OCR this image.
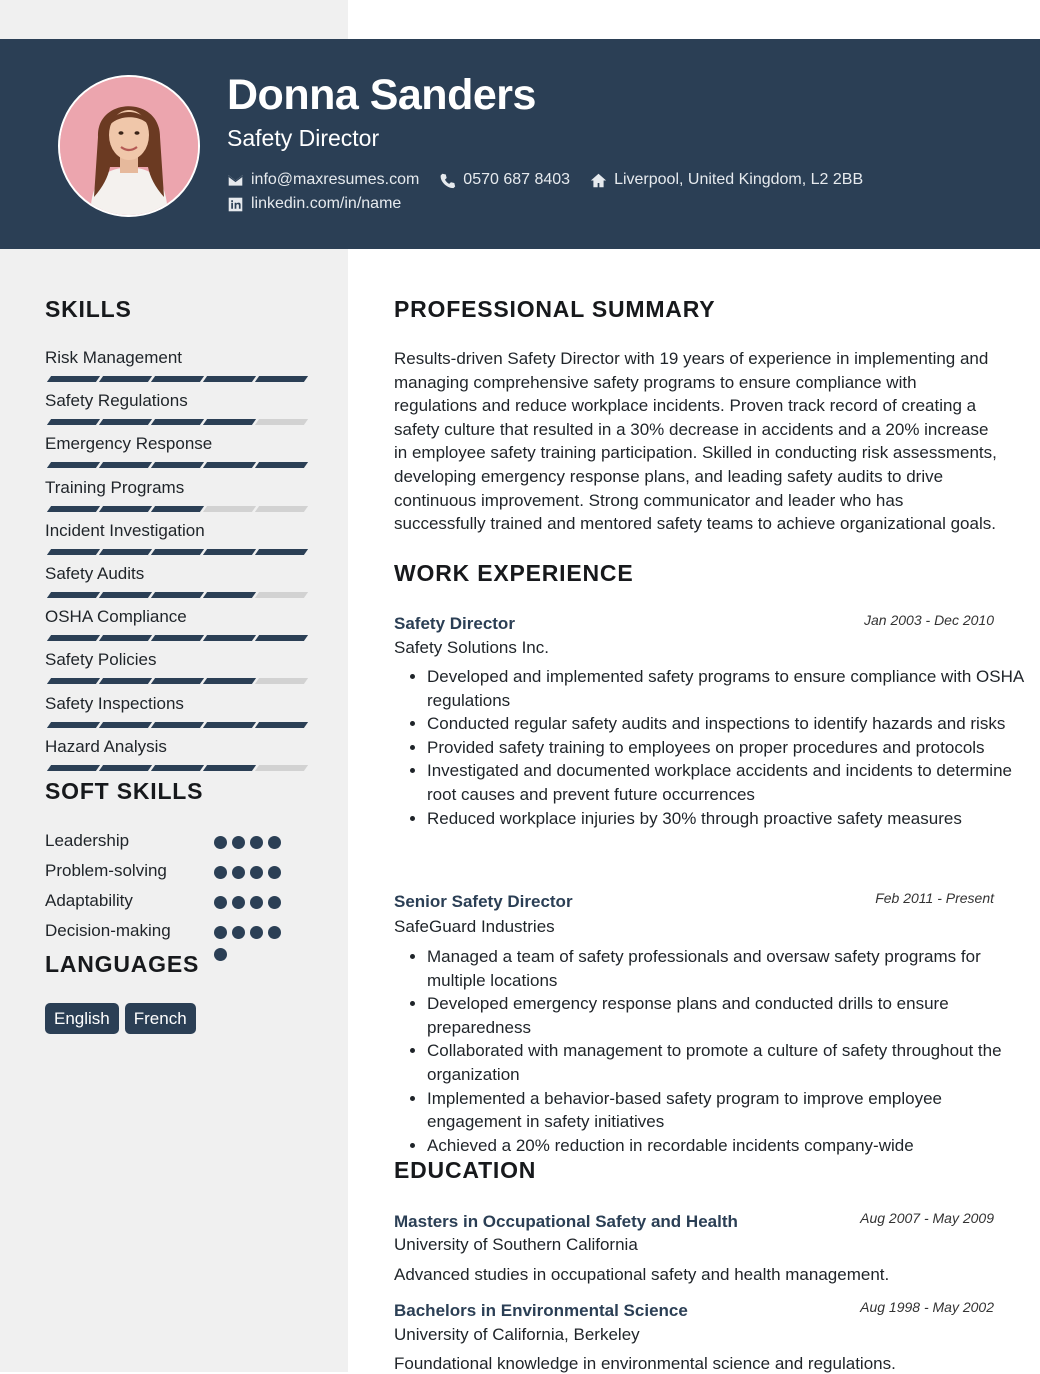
Donna Sanders
Safety Director
info@maxresumes.com	0570 687 8403	Liverpool, United Kingdom, L2 2BB
linkedin.com/in/name
SKILLS
Risk Management
Safety Regulations
Emergency Response
Training Programs
Incident Investigation
Safety Audits
OSHA Compliance
Safety Policies
Safety Inspections
Hazard Analysis
SOFT SKILLS
Leadership
Problem-solving
Adaptability
Decision-making
LANGUAGES
English	French
PROFESSIONAL SUMMARY
Results-driven Safety Director with 19 years of experience in implementing and managing comprehensive safety programs to ensure compliance with regulations and reduce workplace incidents. Proven track record of creating a safety culture that resulted in a 30% decrease in accidents and a 20% increase in employee safety training participation. Skilled in conducting risk assessments, developing emergency response plans, and leading safety audits to drive continuous improvement. Strong communicator and leader who has successfully trained and mentored safety teams to achieve organizational goals.
WORK EXPERIENCE
Safety Director	Jan 2003 - Dec 2010
Safety Solutions Inc.
• Developed and implemented safety programs to ensure compliance with OSHA regulations
• Conducted regular safety audits and inspections to identify hazards and risks
• Provided safety training to employees on proper procedures and protocols
• Investigated and documented workplace accidents and incidents to determine root causes and prevent future occurrences
• Reduced workplace injuries by 30% through proactive safety measures
Senior Safety Director	Feb 2011 - Present
SafeGuard Industries
• Managed a team of safety professionals and oversaw safety programs for multiple locations
• Developed emergency response plans and conducted drills to ensure preparedness
• Collaborated with management to promote a culture of safety throughout the organization
• Implemented a behavior-based safety program to improve employee engagement in safety initiatives
• Achieved a 20% reduction in recordable incidents company-wide
EDUCATION
Masters in Occupational Safety and Health	Aug 2007 - May 2009
University of Southern California
Advanced studies in occupational safety and health management.
Bachelors in Environmental Science	Aug 1998 - May 2002
University of California, Berkeley
Foundational knowledge in environmental science and regulations.
